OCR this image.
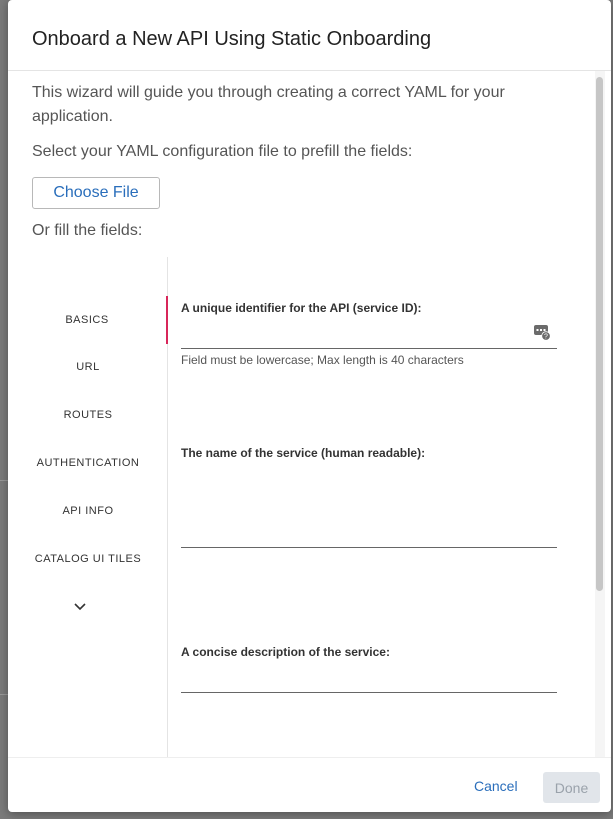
Onboard a New API Using Static Onboarding

This wizard will guide you through creating a correct YAML for your application.

Select your YAML configuration file to prefill the fields:

Choose File

Or fill the fields:

BASICS
URL
ROUTES
AUTHENTICATION
API INFO
CATALOG UI TILES
A unique identifier for the API (service ID):
?

Field must be lowercase; Max length is 40 characters

The name of the service (human readable):
A concise description of the service:
Cancel	Done
